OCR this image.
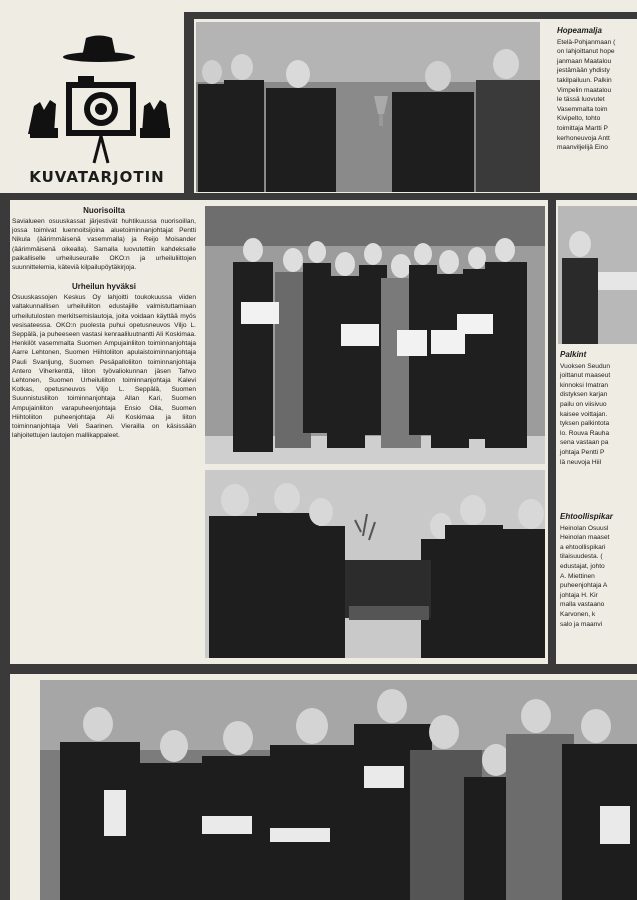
KUVATARJOTIN
Nuorisoilta
Savialueen osuuskassat järjestivät huhtikuussa nuorisoillan, jossa toimivat luennoitsijoina aluetoiminnanjohtajat Pentti Nikula (äärimmäisenä vasemmalla) ja Reijo Moisander (äärimmäisenä oikealla). Samalla luovutettiin kahdeksalle paikalliselle urheiluseuralle OKO:n ja urheiluliittojen suunnittelemia, käteviä kilpailupöytäkirjoja.
Urheilun hyväksi
Osuuskassojen Keskus Oy lahjoitti toukokuussa viiden valtakunnallisen urheiluliiton edustajille valmistuttamiaan urheilutulosten merkitsemislautoja, joita voidaan käyttää myös vesisateessa. OKO:n puolesta puhui opetusneuvos Viljo L. Seppälä, ja puheeseen vastasi kenraaliluutnantti Ali Koskimaa. Henkilöt vasemmalta Suomen Ampujainliiton toiminnanjohtaja Aarre Lehtonen, Suomen Hiihtoliiton apulaistoiminnanjohtaja Pauli Svanljung, Suomen Pesäpalloliiton toiminnanjohtaja Antero Viherkenttä, liiton työvaliokunnan jäsen Tahvo Lehtonen, Suomen Urheiluliiton toiminnanjohtaja Kalevi Kotkas, opetusneuvos Viljo L. Seppälä, Suomen Suunnistusliiton toiminnanjohtaja Allan Kari, Suomen Ampujainliiton varapuheenjohtaja Ensio Oila, Suomen Hiihtoliiton puheenjohtaja Ali Koskimaa ja liiton toiminnanjohtaja Veli Saarinen. Vierailla on käsissään lahjoitettujen lautojen mallikappaleet.
Hopeamalja

Etelä-Pohjanmaan (

on lahjoittanut hope

janmaan Maatalou

jestämään yhdisty

takilpailuun. Palkin

Vimpelin maatalou

le tässä luovutet

Vasemmalta toim

Kivipelto, tohto

toimittaja Martti P

kerhoneuvoja Antt

maanviljelijä Eino

Palkint

Vuoksen Seudun

joittanut maaseut

kinnoksi Imatran

distyksen karjan

pailu on viisivuo

kaisee voittajan.

tyksen palkintota

lo. Rouva Rauha

sena vastaan pa

johtaja Pentti P

lä neuvoja Hiil

Ehtoollispikar

Heinolan Osuusl

Heinolan maaset

a ehtoollispikari

tilaisuudesta. (

edustajat, johto

A. Miettinen

puheenjohtaja A

johtaja H. Kir

malla vastaano

Karvonen, k

salo ja maanvi
